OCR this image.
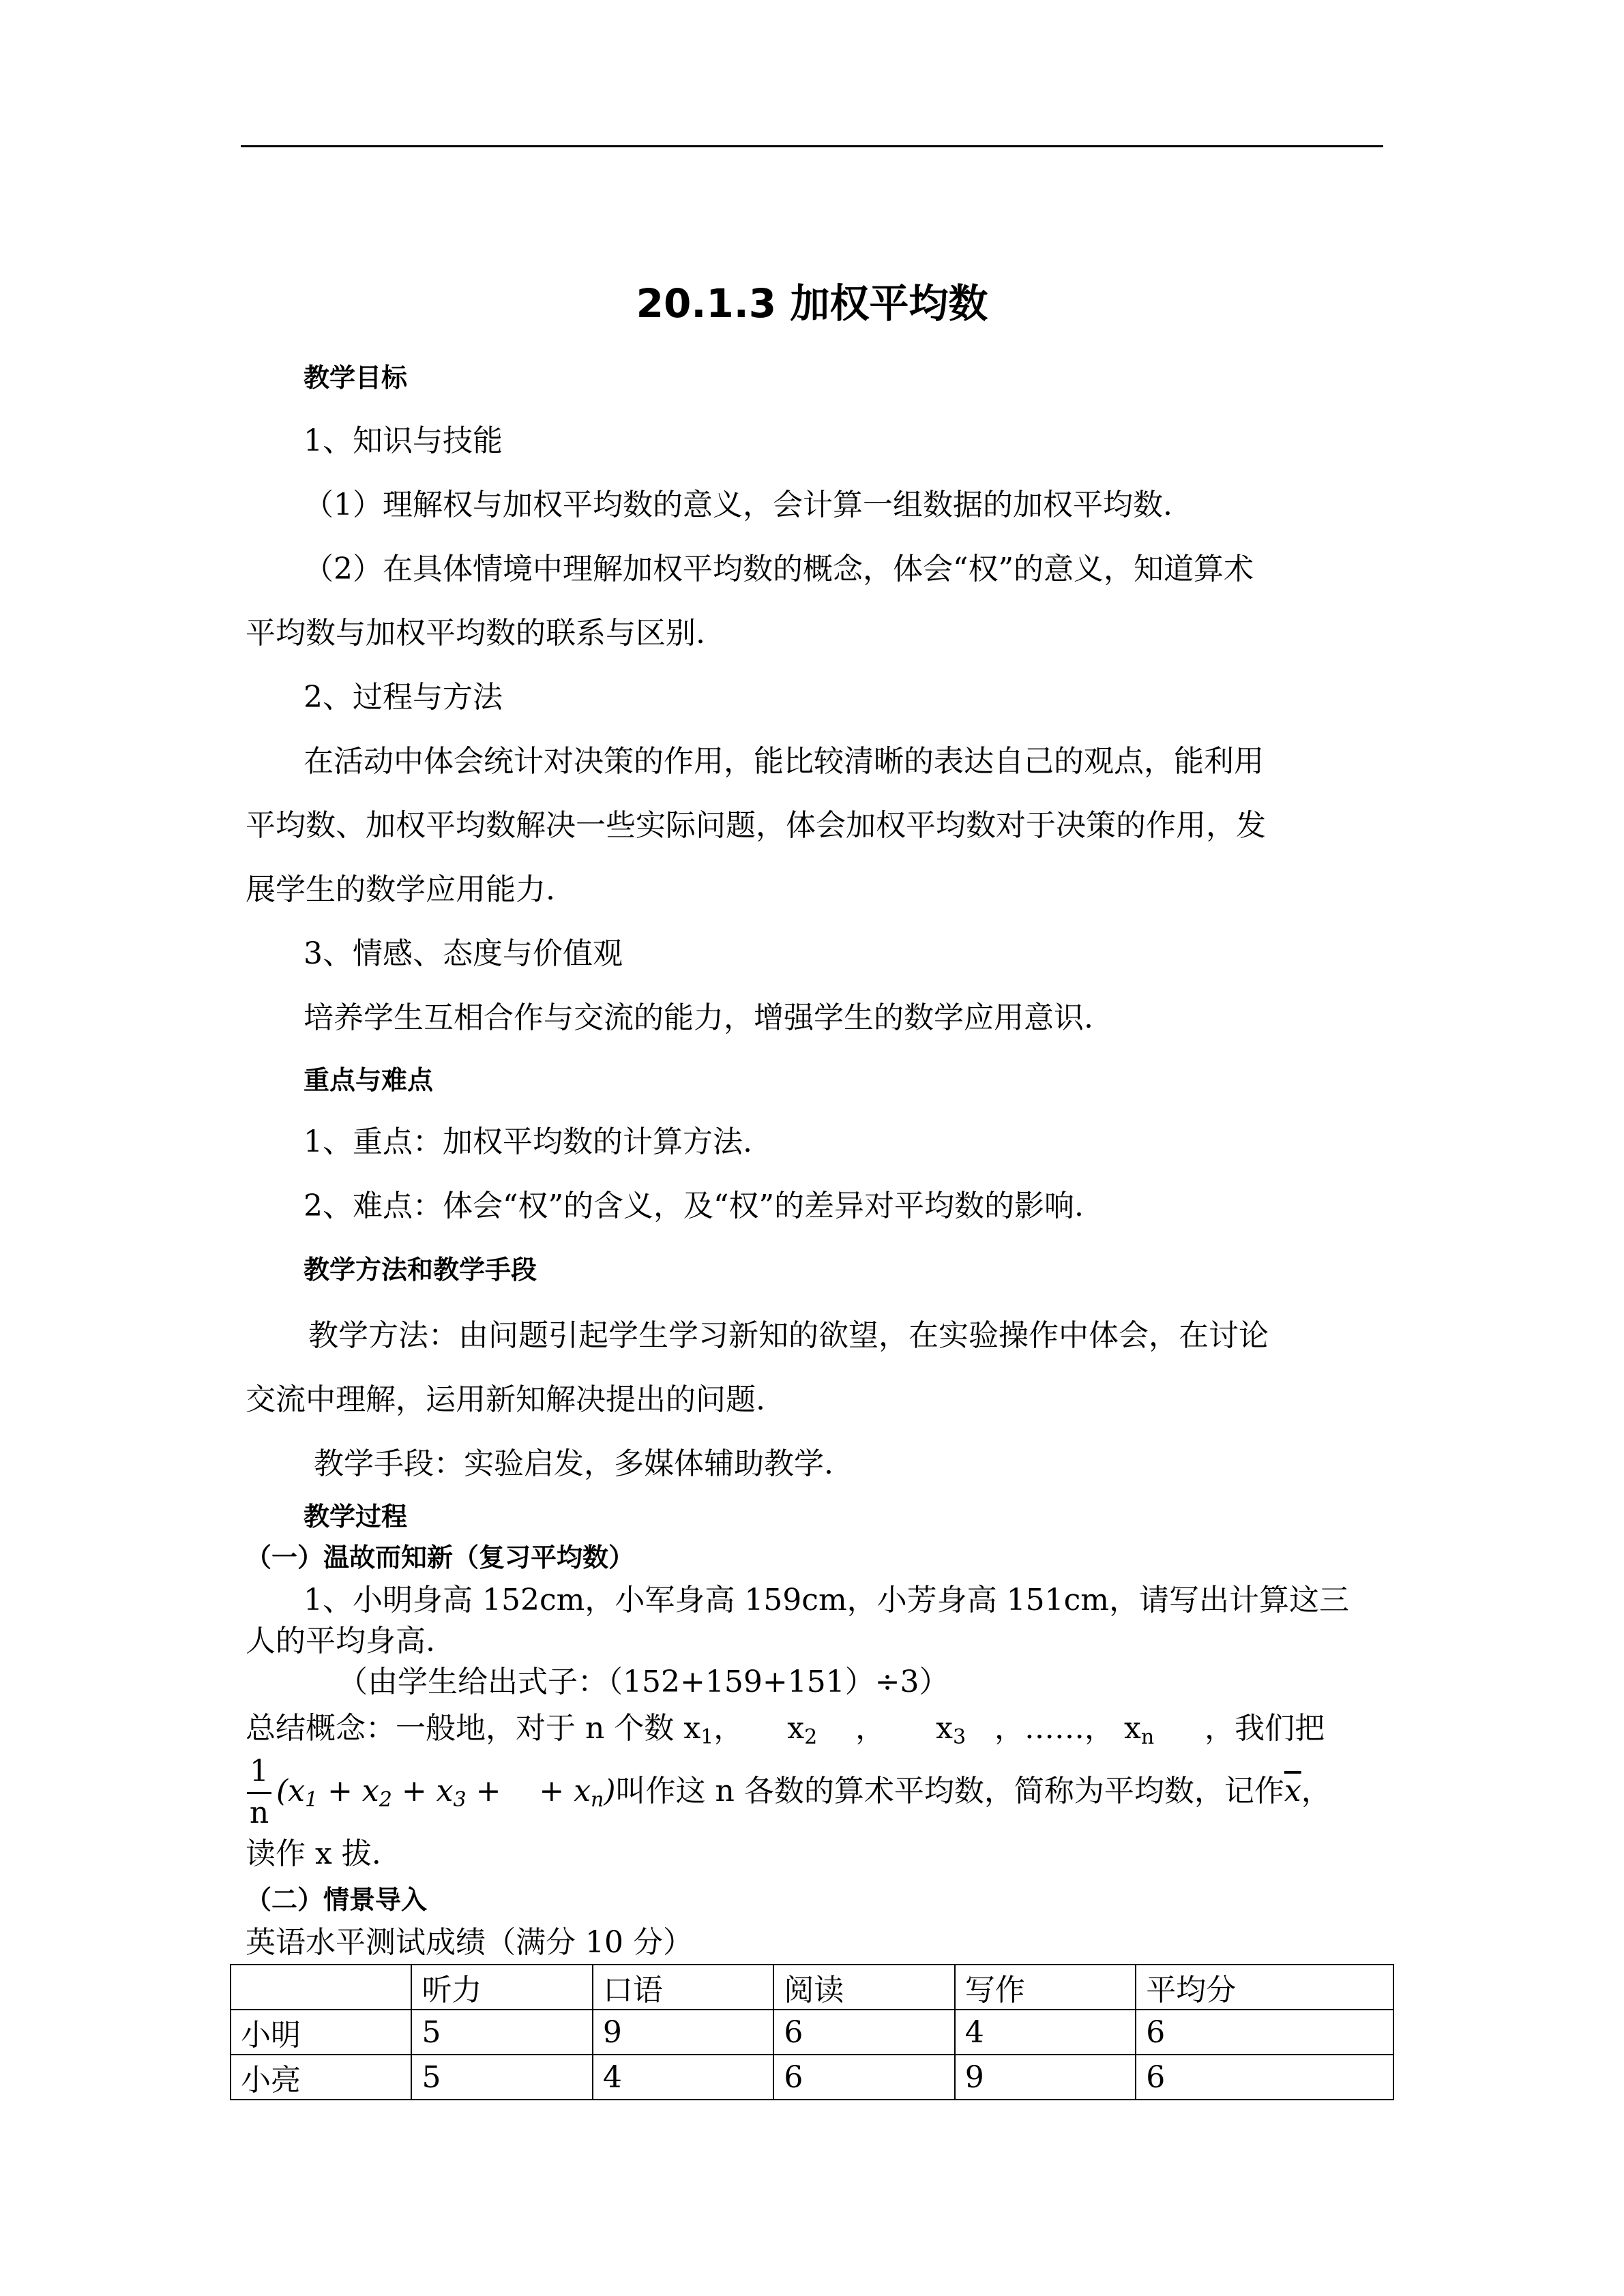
20.1.3 加权平均数
教学目标
1、知识与技能
（1）理解权与加权平均数的意义，会计算一组数据的加权平均数.
（2）在具体情境中理解加权平均数的概念，体会“权”的意义，知道算术
平均数与加权平均数的联系与区别.
2、过程与方法
在活动中体会统计对决策的作用，能比较清晰的表达自己的观点，能利用
平均数、加权平均数解决一些实际问题，体会加权平均数对于决策的作用，发
展学生的数学应用能力.
3、情感、态度与价值观
培养学生互相合作与交流的能力，增强学生的数学应用意识.
重点与难点
1、重点：加权平均数的计算方法.
2、难点：体会“权”的含义，及“权”的差异对平均数的影响.
教学方法和教学手段
教学方法：由问题引起学生学习新知的欲望，在实验操作中体会，在讨论
交流中理解，运用新知解决提出的问题.
教学手段：实验启发，多媒体辅助教学.
教学过程
（一）温故而知新（复习平均数）
1、小明身高 152cm，小军身高 159cm，小芳身高 151cm，请写出计算这三
人的平均身高.
（由学生给出式子：（152+159+151）÷3）
总结概念：一般地，对于 n 个数 $x_1$， $x_2$    ， $x_3$   ，……， $x_n$ ，我们把
1
n
($x_1 + x_2 + x_3$ +    + $x_n$)叫作这 n 各数的算术平均数，简称为平均数，记作$\overline{x}$，
读作 x 拔.
（二）情景导入
英语水平测试成绩（满分 10 分）
	听力	口语	阅读	写作	平均分
小明	5	9	6	4	6
小亮	5	4	6	9	6
